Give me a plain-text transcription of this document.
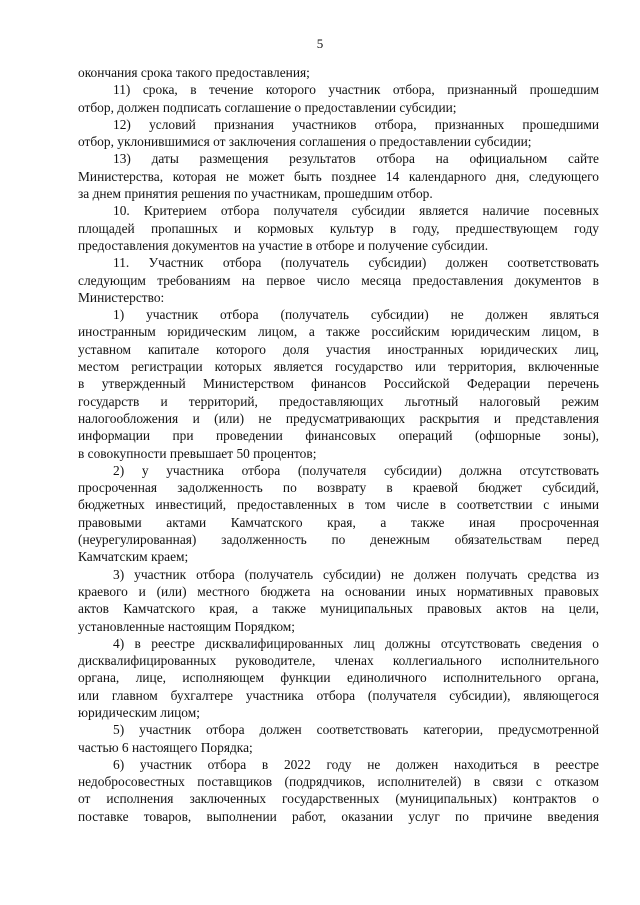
5
окончания срока такого предоставления;
11) срока, в течение которого участник отбора, признанный прошедшим
отбор, должен подписать соглашение о предоставлении субсидии;
12) условий признания участников отбора, признанных прошедшими
отбор, уклонившимися от заключения соглашения о предоставлении субсидии;
13) даты размещения результатов отбора на официальном сайте
Министерства, которая не может быть позднее 14 календарного дня, следующего
за днем принятия решения по участникам, прошедшим отбор.
10. Критерием отбора получателя субсидии является наличие посевных
площадей пропашных и кормовых культур в году, предшествующем году
предоставления документов на участие в отборе и получение субсидии.
11. Участник отбора (получатель субсидии) должен соответствовать
следующим требованиям на первое число месяца предоставления документов в
Министерство:
1) участник отбора (получатель субсидии) не должен являться
иностранным юридическим лицом, а также российским юридическим лицом, в
уставном капитале которого доля участия иностранных юридических лиц,
местом регистрации которых является государство или территория, включенные
в утвержденный Министерством финансов Российской Федерации перечень
государств и территорий, предоставляющих льготный налоговый режим
налогообложения и (или) не предусматривающих раскрытия и представления
информации при проведении финансовых операций (офшорные зоны),
в совокупности превышает 50 процентов;
2) у участника отбора (получателя субсидии) должна отсутствовать
просроченная задолженность по возврату в краевой бюджет субсидий,
бюджетных инвестиций, предоставленных в том числе в соответствии с иными
правовыми актами Камчатского края, а также иная просроченная
(неурегулированная) задолженность по денежным обязательствам перед
Камчатским краем;
3) участник отбора (получатель субсидии) не должен получать средства из
краевого и (или) местного бюджета на основании иных нормативных правовых
актов Камчатского края, а также муниципальных правовых актов на цели,
установленные настоящим Порядком;
4) в реестре дисквалифицированных лиц должны отсутствовать сведения о
дисквалифицированных руководителе, членах коллегиального исполнительного
органа, лице, исполняющем функции единоличного исполнительного органа,
или главном бухгалтере участника отбора (получателя субсидии), являющегося
юридическим лицом;
5) участник отбора должен соответствовать категории, предусмотренной
частью 6 настоящего Порядка;
6) участник отбора в 2022 году не должен находиться в реестре
недобросовестных поставщиков (подрядчиков, исполнителей) в связи с отказом
от исполнения заключенных государственных (муниципальных) контрактов о
поставке товаров, выполнении работ, оказании услуг по причине введения
